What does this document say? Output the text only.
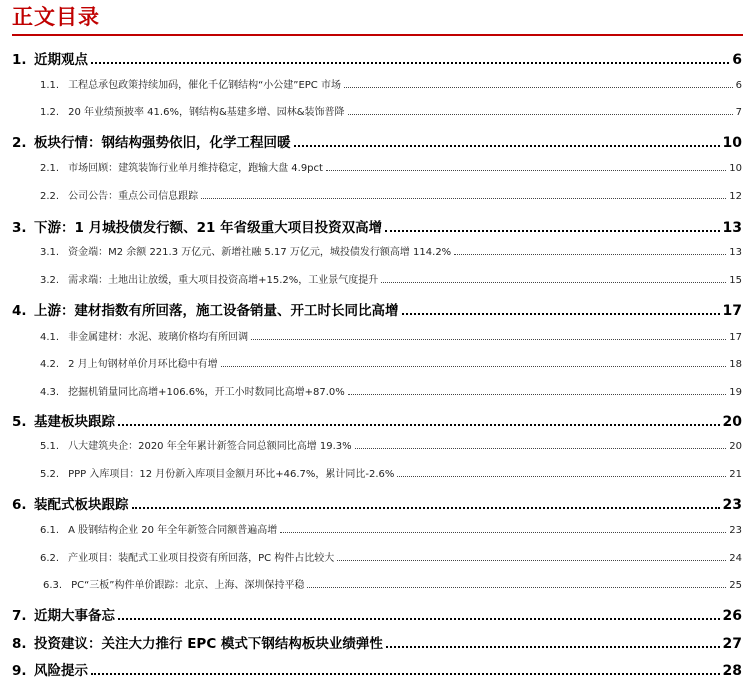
正文目录
1. 近期观点	6
1.1. 工程总承包政策持续加码，催化千亿钢结构“小公建”EPC 市场	6
1.2. 20 年业绩预披率 41.6%，钢结构&基建多增、园林&装饰普降	7
2. 板块行情：钢结构强势依旧，化学工程回暖	10
2.1. 市场回顾：建筑装饰行业单月维持稳定，跑输大盘 4.9pct	10
2.2. 公司公告：重点公司信息跟踪	12
3. 下游：1 月城投债发行额、21 年省级重大项目投资双高增	13
3.1. 资金端：M2 余额 221.3 万亿元、新增社融 5.17 万亿元，城投债发行额高增 114.2%	13
3.2. 需求端：土地出让放缓，重大项目投资高增+15.2%，工业景气度提升	15
4. 上游：建材指数有所回落，施工设备销量、开工时长同比高增	17
4.1. 非金属建材：水泥、玻璃价格均有所回调	17
4.2. 2 月上旬钢材单价月环比稳中有增	18
4.3. 挖掘机销量同比高增+106.6%，开工小时数同比高增+87.0%	19
5. 基建板块跟踪	20
5.1. 八大建筑央企：2020 年全年累计新签合同总额同比高增 19.3%	20
5.2. PPP 入库项目：12 月份新入库项目金额月环比+46.7%，累计同比-2.6%	21
6. 装配式板块跟踪	23
6.1. A 股钢结构企业 20 年全年新签合同额普遍高增	23
6.2. 产业项目：装配式工业项目投资有所回落，PC 构件占比较大	24
6.3. PC“三板”构件单价跟踪：北京、上海、深圳保持平稳	25
7. 近期大事备忘	26
8. 投资建议：关注大力推行 EPC 模式下钢结构板块业绩弹性	27
9. 风险提示	28
